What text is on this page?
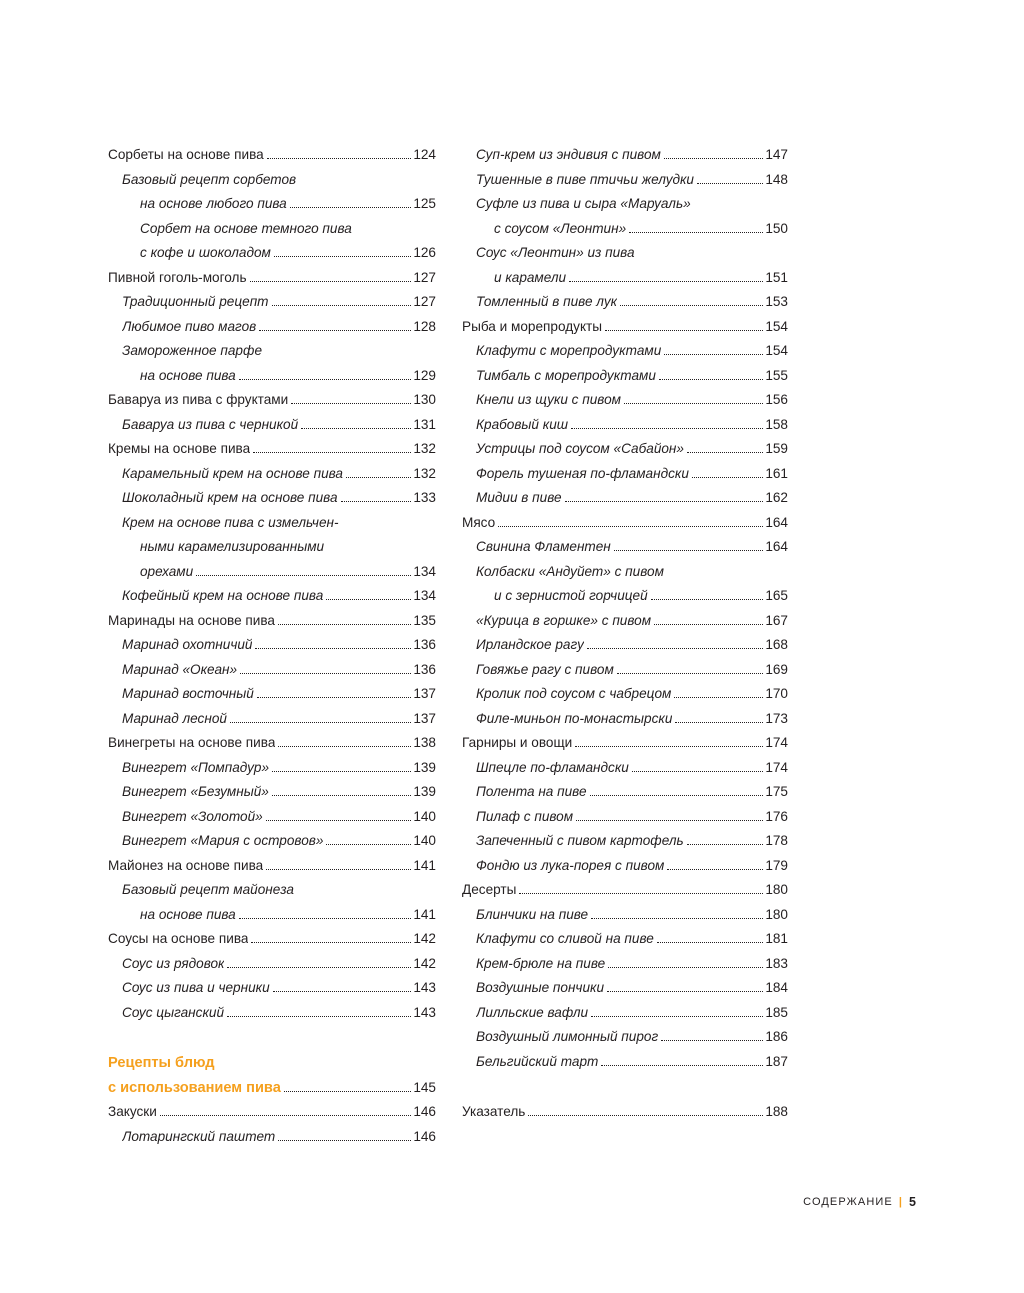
Сорбеты на основе пива	124
Базовый рецепт сорбетов
на основе любого пива	125
Сорбет на основе темного пива
с кофе и шоколадом	126
Пивной гоголь-моголь	127
Традиционный рецепт	127
Любимое пиво магов	128
Замороженное парфе
на основе пива	129
Бавaруа из пива с фруктами	130
Баваруа из пива с черникой	131
Кремы на основе пива	132
Карамельный крем на основе пива	132
Шоколадный крем на основе пива	133
Крем на основе пива с измельчен-
ными карамелизированными
орехами	134
Кофейный крем на основе пива	134
Маринады на основе пива	135
Маринад охотничий	136
Маринад «Океан»	136
Маринад восточный	137
Маринад лесной	137
Винегреты на основе пива	138
Винегрет «Помпадур»	139
Винегрет «Безумный»	139
Винегрет «Золотой»	140
Винегрет «Мария с островов»	140
Майонез на основе пива	141
Базовый рецепт майонеза
на основе пива	141
Соусы на основе пива	142
Соус из рядовок	142
Соус из пива и черники	143
Соус цыганский	143
Рецепты блюд
с использованием пива	145
Закуски	146
Лотарингский паштет	146
Суп-крем из эндивия с пивом	147
Тушенные в пиве птичьи желудки	148
Суфле из пива и сыра «Маруаль»
с соусом «Леонтин»	150
Соус «Леонтин» из пива
и карамели	151
Томленный в пиве лук	153
Рыба и морепродукты	154
Клафути с морепродуктами	154
Тимбаль с морепродуктами	155
Кнели из щуки с пивом	156
Крабовый киш	158
Устрицы под соусом «Сабайон»	159
Форель тушеная по-фламандски	161
Мидии в пиве	162
Мясо	164
Свинина Фламентен	164
Колбаски «Андуйет» с пивом
и с зернистой горчицей	165
«Курица в горшке» с пивом	167
Ирландское рагу	168
Говяжье рагу с пивом	169
Кролик под соусом с чабрецом	170
Филе-миньон по-монастырски	173
Гарниры и овощи	174
Шпецле по-фламандски	174
Полента на пиве	175
Пилаф с пивом	176
Запеченный с пивом картофель	178
Фондю из лука-порея с пивом	179
Десерты	180
Блинчики на пиве	180
Клафути со сливой на пиве	181
Крем-брюле на пиве	183
Воздушные пончики	184
Лилльские вафли	185
Воздушный лимонный пирог	186
Бельгийский тарт	187
Указатель	188
СОДЕРЖАНИЕ | 5
